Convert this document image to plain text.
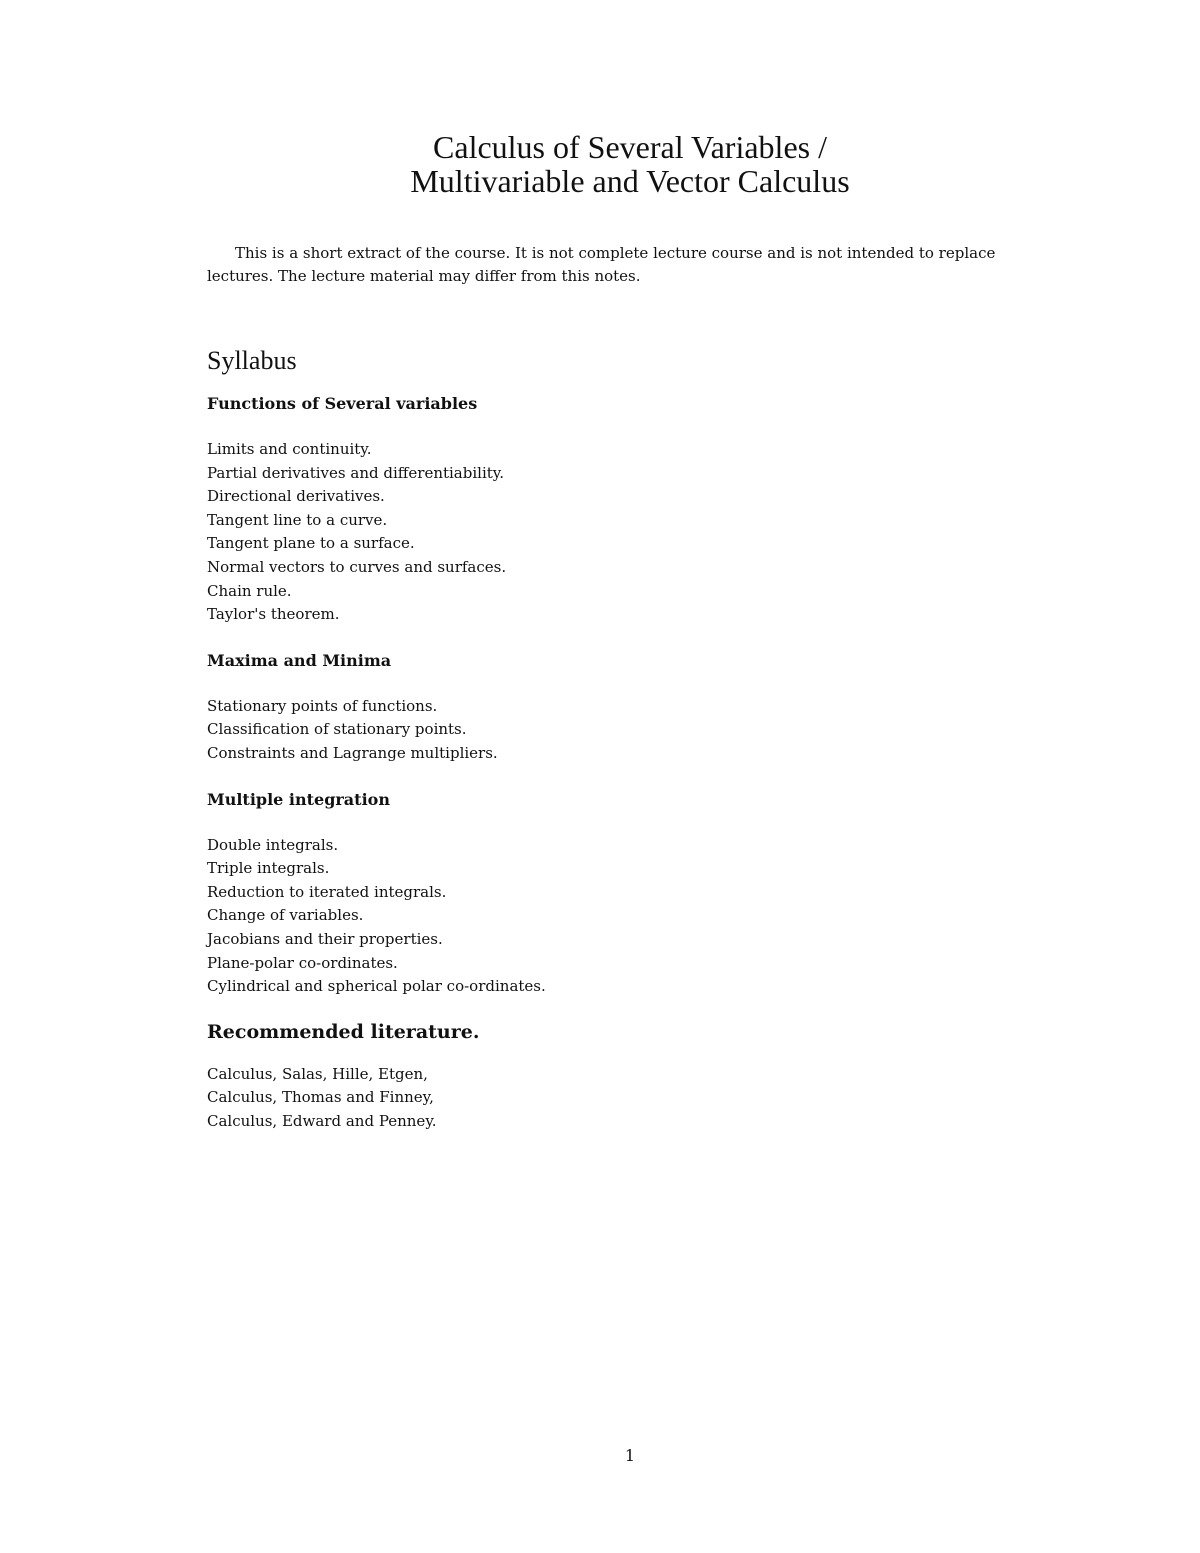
Calculus of Several Variables /

Multivariable and Vector Calculus

This is a short extract of the course. It is not complete lecture course and is not intended to replace lectures. The lecture material may differ from this notes.

Syllabus
Functions of Several variables
Limits and continuity.
Partial derivatives and differentiability.
Directional derivatives.
Tangent line to a curve.
Tangent plane to a surface.
Normal vectors to curves and surfaces.
Chain rule.
Taylor's theorem.
Maxima and Minima
Stationary points of functions.
Classification of stationary points.
Constraints and Lagrange multipliers.
Multiple integration
Double integrals.
Triple integrals.
Reduction to iterated integrals.
Change of variables.
Jacobians and their properties.
Plane-polar co-ordinates.
Cylindrical and spherical polar co-ordinates.
Recommended literature.
Calculus, Salas, Hille, Etgen,
Calculus, Thomas and Finney,
Calculus, Edward and Penney.
1
